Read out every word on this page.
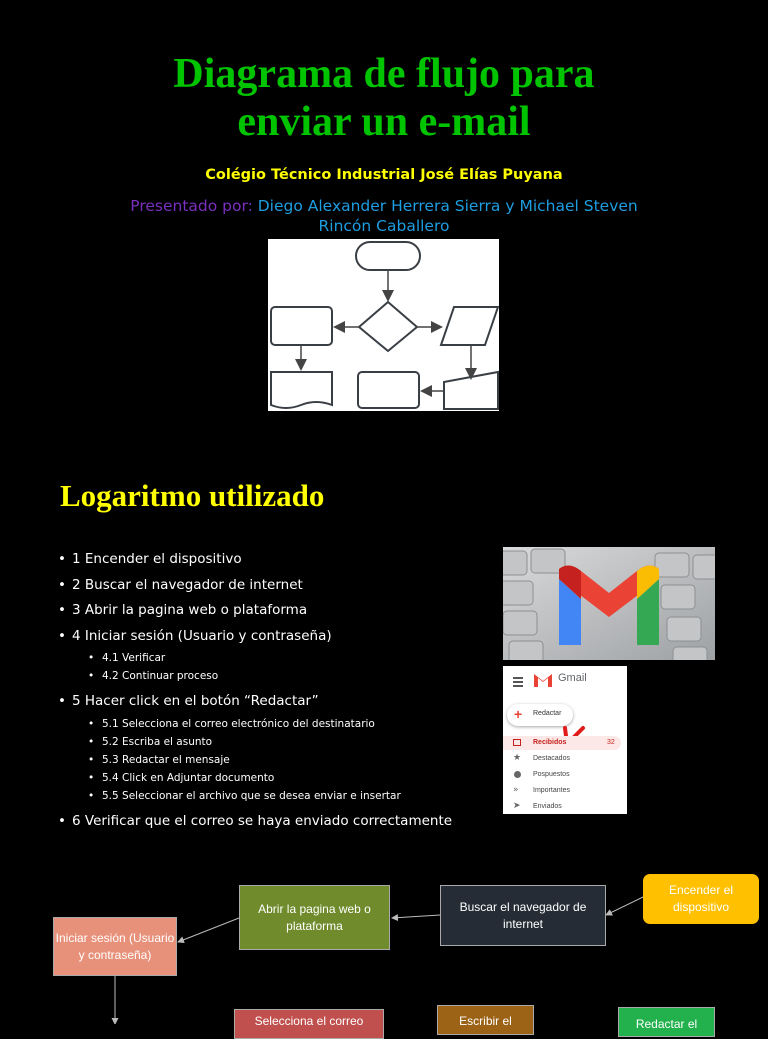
Diagrama de flujo para
enviar un e-mail
Colégio Técnico Industrial José Elías Puyana
Presentado por: Diego Alexander Herrera Sierra y Michael Steven
Rincón Caballero
Logaritmo utilizado
• 1 Encender el dispositivo
• 2 Buscar el navegador de internet
• 3 Abrir la pagina web o plataforma
• 4 Iniciar sesión (Usuario y contraseña)
• 4.1 Verificar
• 4.2 Continuar proceso
• 5 Hacer click en el botón “Redactar”
• 5.1 Selecciona el correo electrónico del destinatario
• 5.2 Escriba el asunto
• 5.3 Redactar el mensaje
• 5.4 Click en Adjuntar documento
• 5.5 Seleccionar el archivo que se desea enviar e insertar
• 6 Verificar que el correo se haya enviado correctamente
Gmail
+ Redactar
Recibidos	32
★ Destacados
Pospuestos
» Importantes
➤ Enviados
Encender el dispositivo
Buscar el navegador de internet
Abrir la pagina web o plataforma
Iniciar sesión (Usuario y contraseña)
Selecciona el correo	Escribir el	Redactar el
